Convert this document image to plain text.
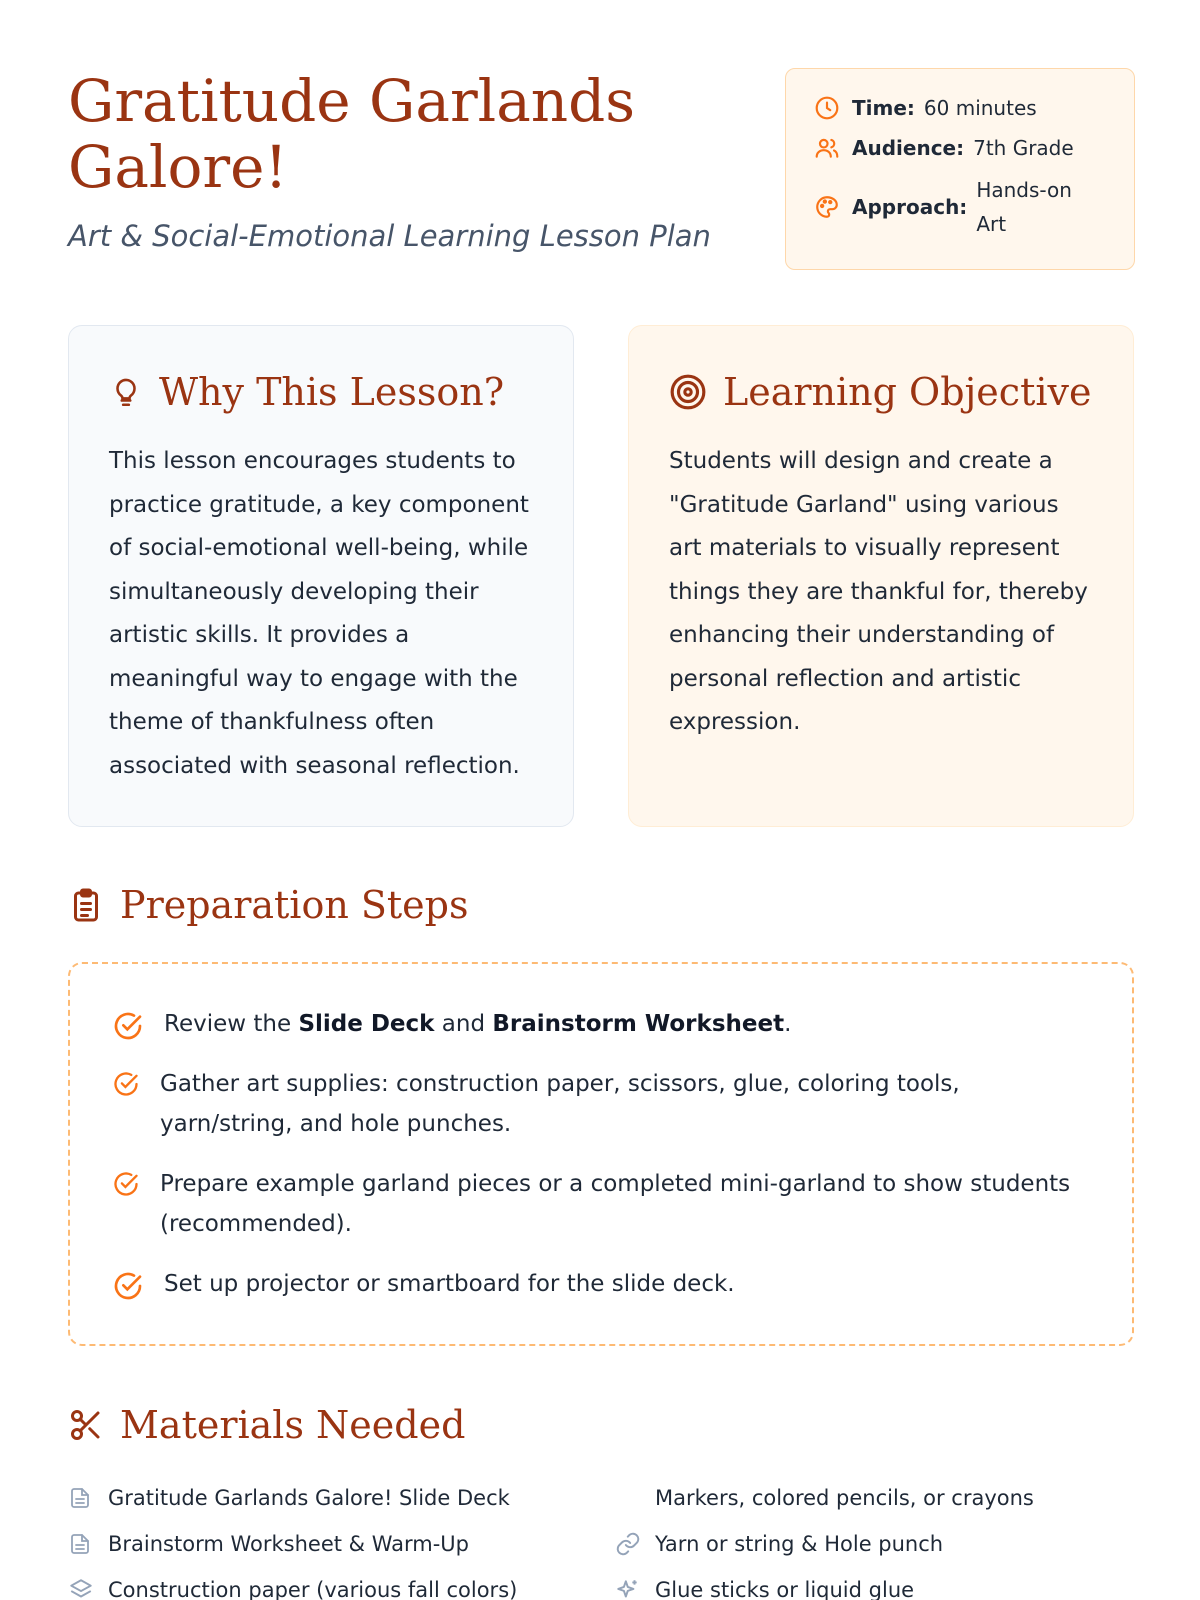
Gratitude Garlands Galore!
Art & Social-Emotional Learning Lesson Plan
Time: 60 minutes
Audience: 7th Grade
Approach:
Hands-on
Art
Why This Lesson?

This lesson encourages students to practice gratitude, a key component of social-emotional well-being, while simultaneously developing their artistic skills. It provides a meaningful way to engage with the theme of thankfulness often associated with seasonal reflection.

Learning Objective

Students will design and create a "Gratitude Garland" using various art materials to visually represent things they are thankful for, thereby enhancing their understanding of personal reflection and artistic expression.

Preparation Steps
Review the Slide Deck and Brainstorm Worksheet.
Gather art supplies: construction paper, scissors, glue, coloring tools, yarn/string, and hole punches.
Prepare example garland pieces or a completed mini-garland to show students (recommended).
Set up projector or smartboard for the slide deck.
Materials Needed
Gratitude Garlands Galore! Slide Deck	Markers, colored pencils, or crayons
Brainstorm Worksheet & Warm-Up	Yarn or string & Hole punch
Construction paper (various fall colors)	Glue sticks or liquid glue
